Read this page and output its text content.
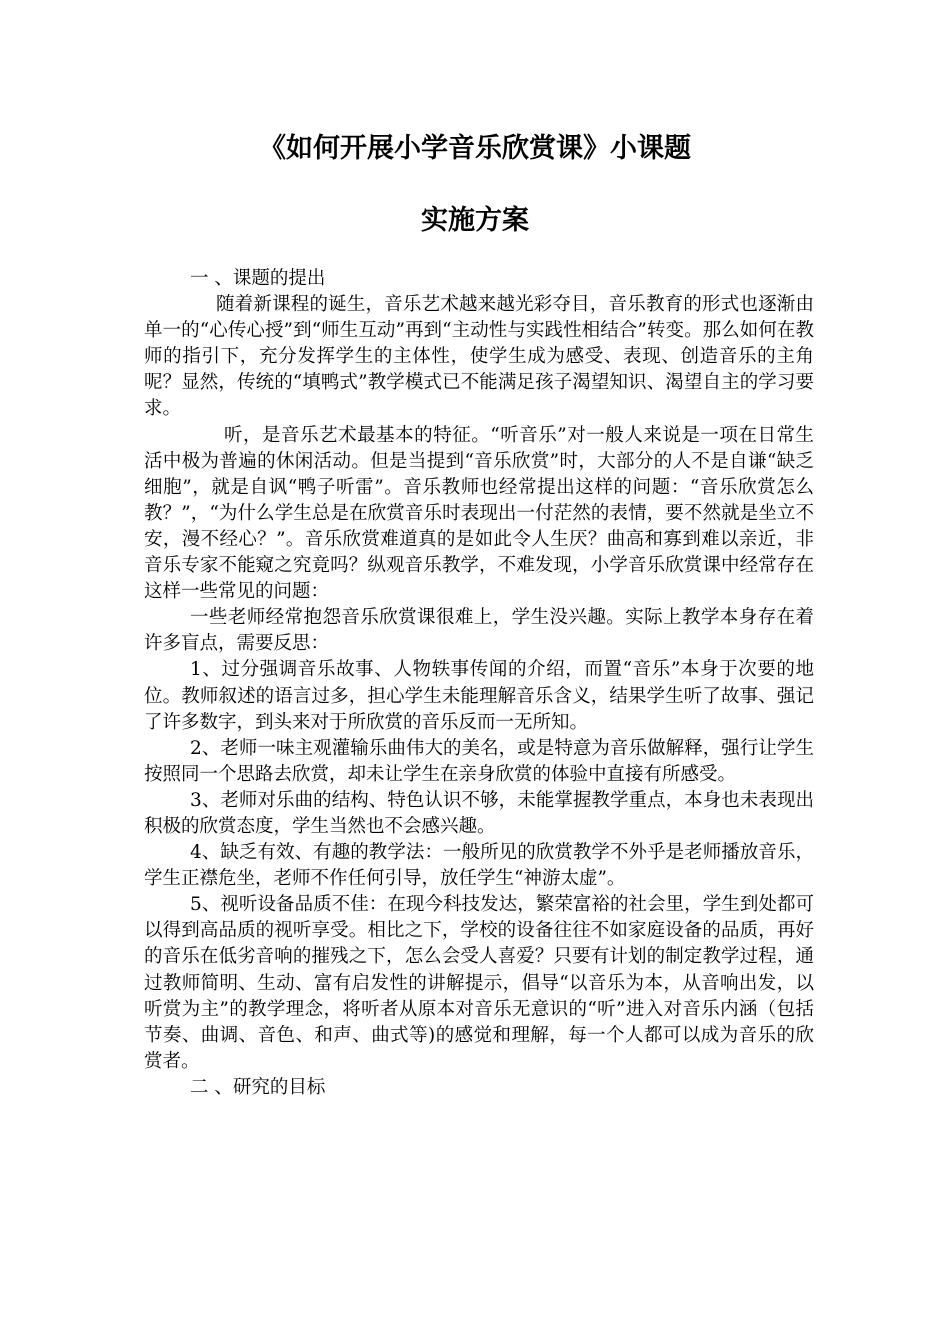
《如何开展小学音乐欣赏课》小课题
实施方案

一 、课题的提出

随着新课程的诞生，音乐艺术越来越光彩夺目，音乐教育的形式也逐渐由单一的“心传心授”到“师生互动”再到“主动性与实践性相结合”转变。那么如何在教师的指引下，充分发挥学生的主体性，使学生成为感受、表现、创造音乐的主角呢？显然，传统的“填鸭式”教学模式已不能满足孩子渴望知识、渴望自主的学习要求。

听，是音乐艺术最基本的特征。“听音乐”对一般人来说是一项在日常生活中极为普遍的休闲活动。但是当提到“音乐欣赏”时，大部分的人不是自谦“缺乏细胞”，就是自讽“鸭子听雷”。音乐教师也经常提出这样的问题：“音乐欣赏怎么教？”，“为什么学生总是在欣赏音乐时表现出一付茫然的表情，要不然就是坐立不安，漫不经心？”。音乐欣赏难道真的是如此令人生厌？曲高和寡到难以亲近，非音乐专家不能窥之究竟吗？纵观音乐教学，不难发现，小学音乐欣赏课中经常存在这样一些常见的问题：

一些老师经常抱怨音乐欣赏课很难上，学生没兴趣。实际上教学本身存在着许多盲点，需要反思：

1、过分强调音乐故事、人物轶事传闻的介绍，而置“音乐”本身于次要的地位。教师叙述的语言过多，担心学生未能理解音乐含义，结果学生听了故事、强记了许多数字，到头来对于所欣赏的音乐反而一无所知。

2、老师一味主观灌输乐曲伟大的美名，或是特意为音乐做解释，强行让学生按照同一个思路去欣赏，却未让学生在亲身欣赏的体验中直接有所感受。

3、老师对乐曲的结构、特色认识不够，未能掌握教学重点，本身也未表现出积极的欣赏态度，学生当然也不会感兴趣。

4、缺乏有效、有趣的教学法：一般所见的欣赏教学不外乎是老师播放音乐，学生正襟危坐，老师不作任何引导，放任学生“神游太虚”。

5、视听设备品质不佳：在现今科技发达，繁荣富裕的社会里，学生到处都可以得到高品质的视听享受。相比之下，学校的设备往往不如家庭设备的品质，再好的音乐在低劣音响的摧残之下，怎么会受人喜爱？只要有计划的制定教学过程，通过教师简明、生动、富有启发性的讲解提示，倡导“以音乐为本，从音响出发，以听赏为主”的教学理念，将听者从原本对音乐无意识的“听”进入对音乐内涵（包括节奏、曲调、音色、和声、曲式等)的感觉和理解，每一个人都可以成为音乐的欣赏者。

二 、研究的目标
